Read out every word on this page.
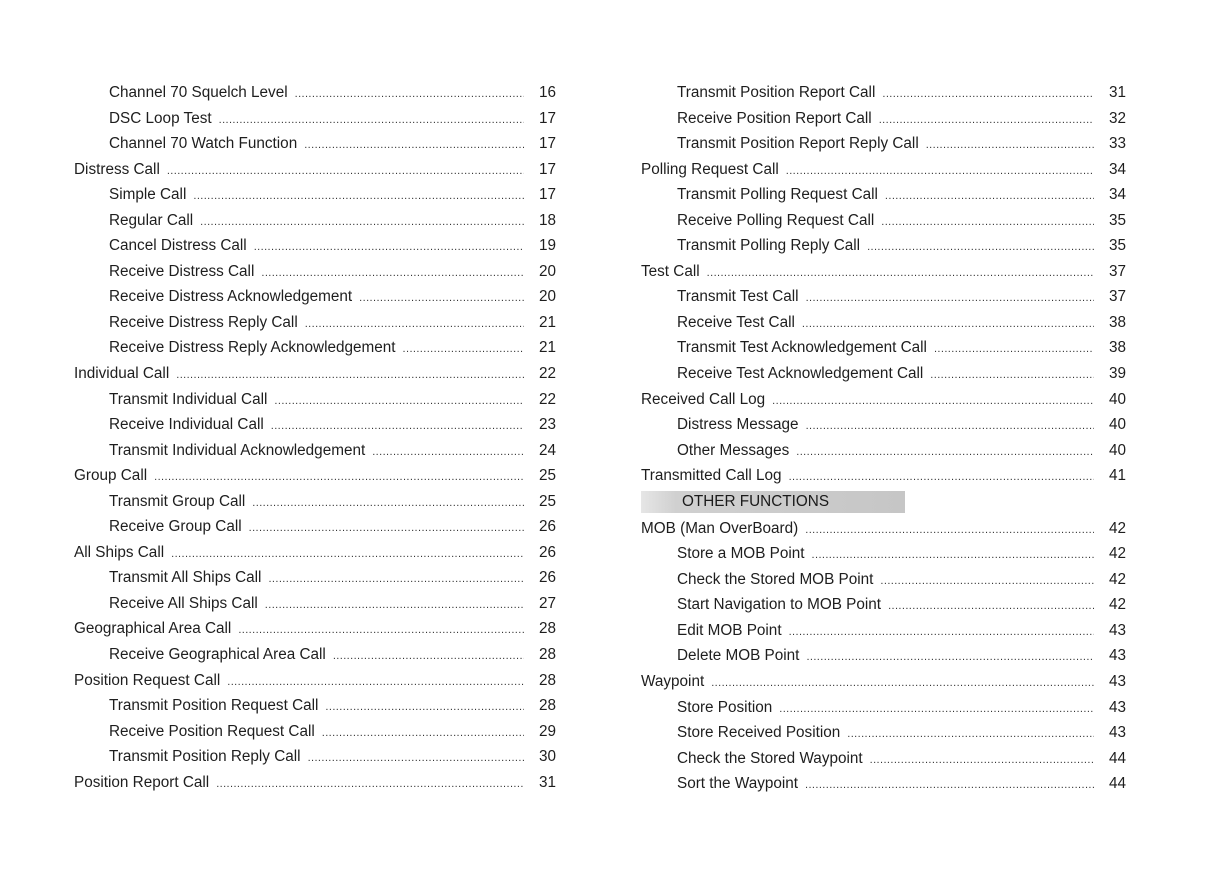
Channel 70 Squelch Level .....	16
DSC Loop Test .....	17
Channel 70 Watch Function .....	17
Distress Call .....	17
Simple Call .....	17
Regular Call .....	18
Cancel Distress Call .....	19
Receive Distress Call .....	20
Receive Distress Acknowledgement .....	20
Receive Distress Reply Call .....	21
Receive Distress Reply Acknowledgement .....	21
Individual Call .....	22
Transmit Individual Call .....	22
Receive Individual Call .....	23
Transmit Individual Acknowledgement .....	24
Group Call .....	25
Transmit Group Call .....	25
Receive Group Call .....	26
All Ships Call .....	26
Transmit All Ships Call .....	26
Receive All Ships Call .....	27
Geographical Area Call .....	28
Receive Geographical Area Call .....	28
Position Request Call .....	28
Transmit Position Request Call .....	28
Receive Position Request Call .....	29
Transmit Position Reply Call .....	30
Position Report Call .....	31
Transmit Position Report Call .....	31
Receive Position Report Call .....	32
Transmit Position Report Reply Call .....	33
Polling Request Call .....	34
Transmit Polling Request Call .....	34
Receive Polling Request Call .....	35
Transmit Polling Reply Call .....	35
Test Call .....	37
Transmit Test Call .....	37
Receive Test Call .....	38
Transmit Test Acknowledgement Call .....	38
Receive Test Acknowledgement Call .....	39
Received Call Log .....	40
Distress Message .....	40
Other Messages .....	40
Transmitted Call Log .....	41
OTHER FUNCTIONS
MOB (Man OverBoard) .....	42
Store a MOB Point .....	42
Check the Stored MOB Point .....	42
Start Navigation to MOB Point .....	42
Edit MOB Point .....	43
Delete MOB Point .....	43
Waypoint .....	43
Store Position .....	43
Store Received Position .....	43
Check the Stored Waypoint .....	44
Sort the Waypoint .....	44
